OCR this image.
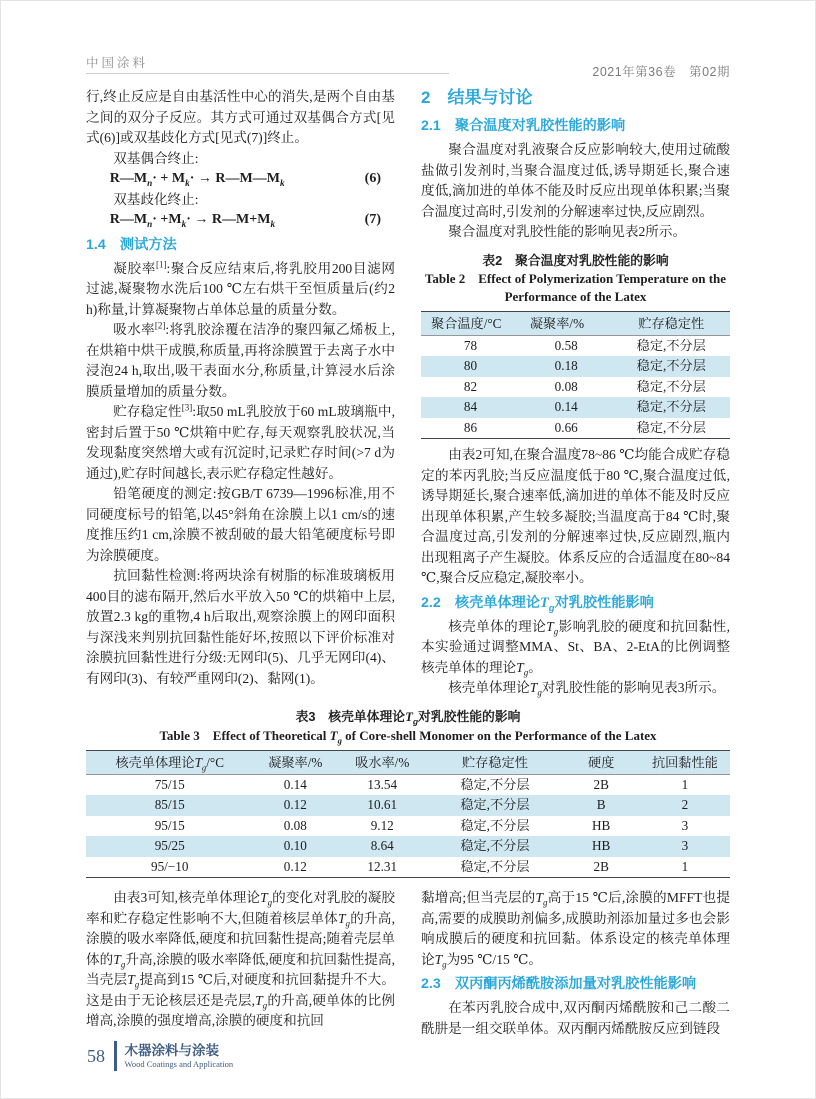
中国涂料
2021年第36卷　第02期

行,终止反应是自由基活性中心的消失,是两个自由基之间的双分子反应。其方式可通过双基偶合方式[见式(6)]或双基歧化方式[见式(7)]终止。

双基偶合终止:

$R—M_n\cdot + M_k\cdot$ → $R—M—M_k$	(6)

双基歧化终止:

$R—M_n\cdot +M_k\cdot$ → $R—M+M_k$	(7)
1.4　测试方法

凝胶率[1]:聚合反应结束后,将乳胶用200目滤网过滤,凝聚物水洗后100 ℃左右烘干至恒质量后(约2 h)称量,计算凝聚物占单体总量的质量分数。

吸水率[2]:将乳胶涂覆在洁净的聚四氟乙烯板上,在烘箱中烘干成膜,称质量,再将涂膜置于去离子水中浸泡24 h,取出,吸干表面水分,称质量,计算浸水后涂膜质量增加的质量分数。

贮存稳定性[3]:取50 mL乳胶放于60 mL玻璃瓶中,密封后置于50 ℃烘箱中贮存,每天观察乳胶状况,当发现黏度突然增大或有沉淀时,记录贮存时间(>7 d为通过),贮存时间越长,表示贮存稳定性越好。

铅笔硬度的测定:按GB/T 6739—1996标准,用不同硬度标号的铅笔,以45°斜角在涂膜上以1 cm/s的速度推压约1 cm,涂膜不被刮破的最大铅笔硬度标号即为涂膜硬度。

抗回黏性检测:将两块涂有树脂的标准玻璃板用400目的滤布隔开,然后水平放入50 ℃的烘箱中上层,放置2.3 kg的重物,4 h后取出,观察涂膜上的网印面积与深浅来判别抗回黏性能好坏,按照以下评价标准对涂膜抗回黏性进行分级:无网印(5)、几乎无网印(4)、有网印(3)、有较严重网印(2)、黏网(1)。

2　结果与讨论
2.1　聚合温度对乳胶性能的影响

聚合温度对乳液聚合反应影响较大,使用过硫酸盐做引发剂时,当聚合温度过低,诱导期延长,聚合速度低,滴加进的单体不能及时反应出现单体积累;当聚合温度过高时,引发剂的分解速率过快,反应剧烈。

聚合温度对乳胶性能的影响见表2所示。

表2　聚合温度对乳胶性能的影响
Table 2　Effect of Polymerization Temperature on the
Performance of the Latex
聚合温度/°C	凝聚率/%	贮存稳定性
78	0.58	稳定,不分层
80	0.18	稳定,不分层
82	0.08	稳定,不分层
84	0.14	稳定,不分层
86	0.66	稳定,不分层

由表2可知,在聚合温度78~86 ℃均能合成贮存稳定的苯丙乳胶;当反应温度低于80 ℃,聚合温度过低,诱导期延长,聚合速率低,滴加进的单体不能及时反应出现单体积累,产生较多凝胶;当温度高于84 ℃时,聚合温度过高,引发剂的分解速率过快,反应剧烈,瓶内出现粗离子产生凝胶。体系反应的合适温度在80~84 ℃,聚合反应稳定,凝胶率小。

2.2　核壳单体理论$T_g$对乳胶性能影响

核壳单体的理论$T_g$影响乳胶的硬度和抗回黏性,本实验通过调整MMA、St、BA、2-EtA的比例调整核壳单体的理论$T_g$。

核壳单体理论$T_g$对乳胶性能的影响见表3所示。

表3　核壳单体理论$T_g$对乳胶性能的影响
Table 3　Effect of Theoretical $T_g$ of Core-shell Monomer on the Performance of the Latex
核壳单体理论$T_g/^\circ C$	凝聚率/%	吸水率/%	贮存稳定性	硬度	抗回黏性能
75/15	0.14	13.54	稳定,不分层	2B	1
85/15	0.12	10.61	稳定,不分层	B	2
95/15	0.08	9.12	稳定,不分层	HB	3
95/25	0.10	8.64	稳定,不分层	HB	3
95/−10	0.12	12.31	稳定,不分层	2B	1

由表3可知,核壳单体理论$T_g$的变化对乳胶的凝胶率和贮存稳定性影响不大,但随着核层单体$T_g$的升高,涂膜的吸水率降低,硬度和抗回黏性提高;随着壳层单体的$T_g$升高,涂膜的吸水率降低,硬度和抗回黏性提高,当壳层$T_g$提高到15 ℃后,对硬度和抗回黏提升不大。这是由于无论核层还是壳层$,T_g$的升高,硬单体的比例增高,涂膜的强度增高,涂膜的硬度和抗回

黏增高;但当壳层的$T_g$高于15 ℃后,涂膜的MFFT也提高,需要的成膜助剂偏多,成膜助剂添加量过多也会影响成膜后的硬度和抗回黏。体系设定的核壳单体理论$T_g$为95 ℃/15 ℃。

2.3　双丙酮丙烯酰胺添加量对乳胶性能影响

在苯丙乳胶合成中,双丙酮丙烯酰胺和己二酸二酰肼是一组交联单体。双丙酮丙烯酰胺反应到链段

58 木器涂料与涂装
Wood Coatings and Application
